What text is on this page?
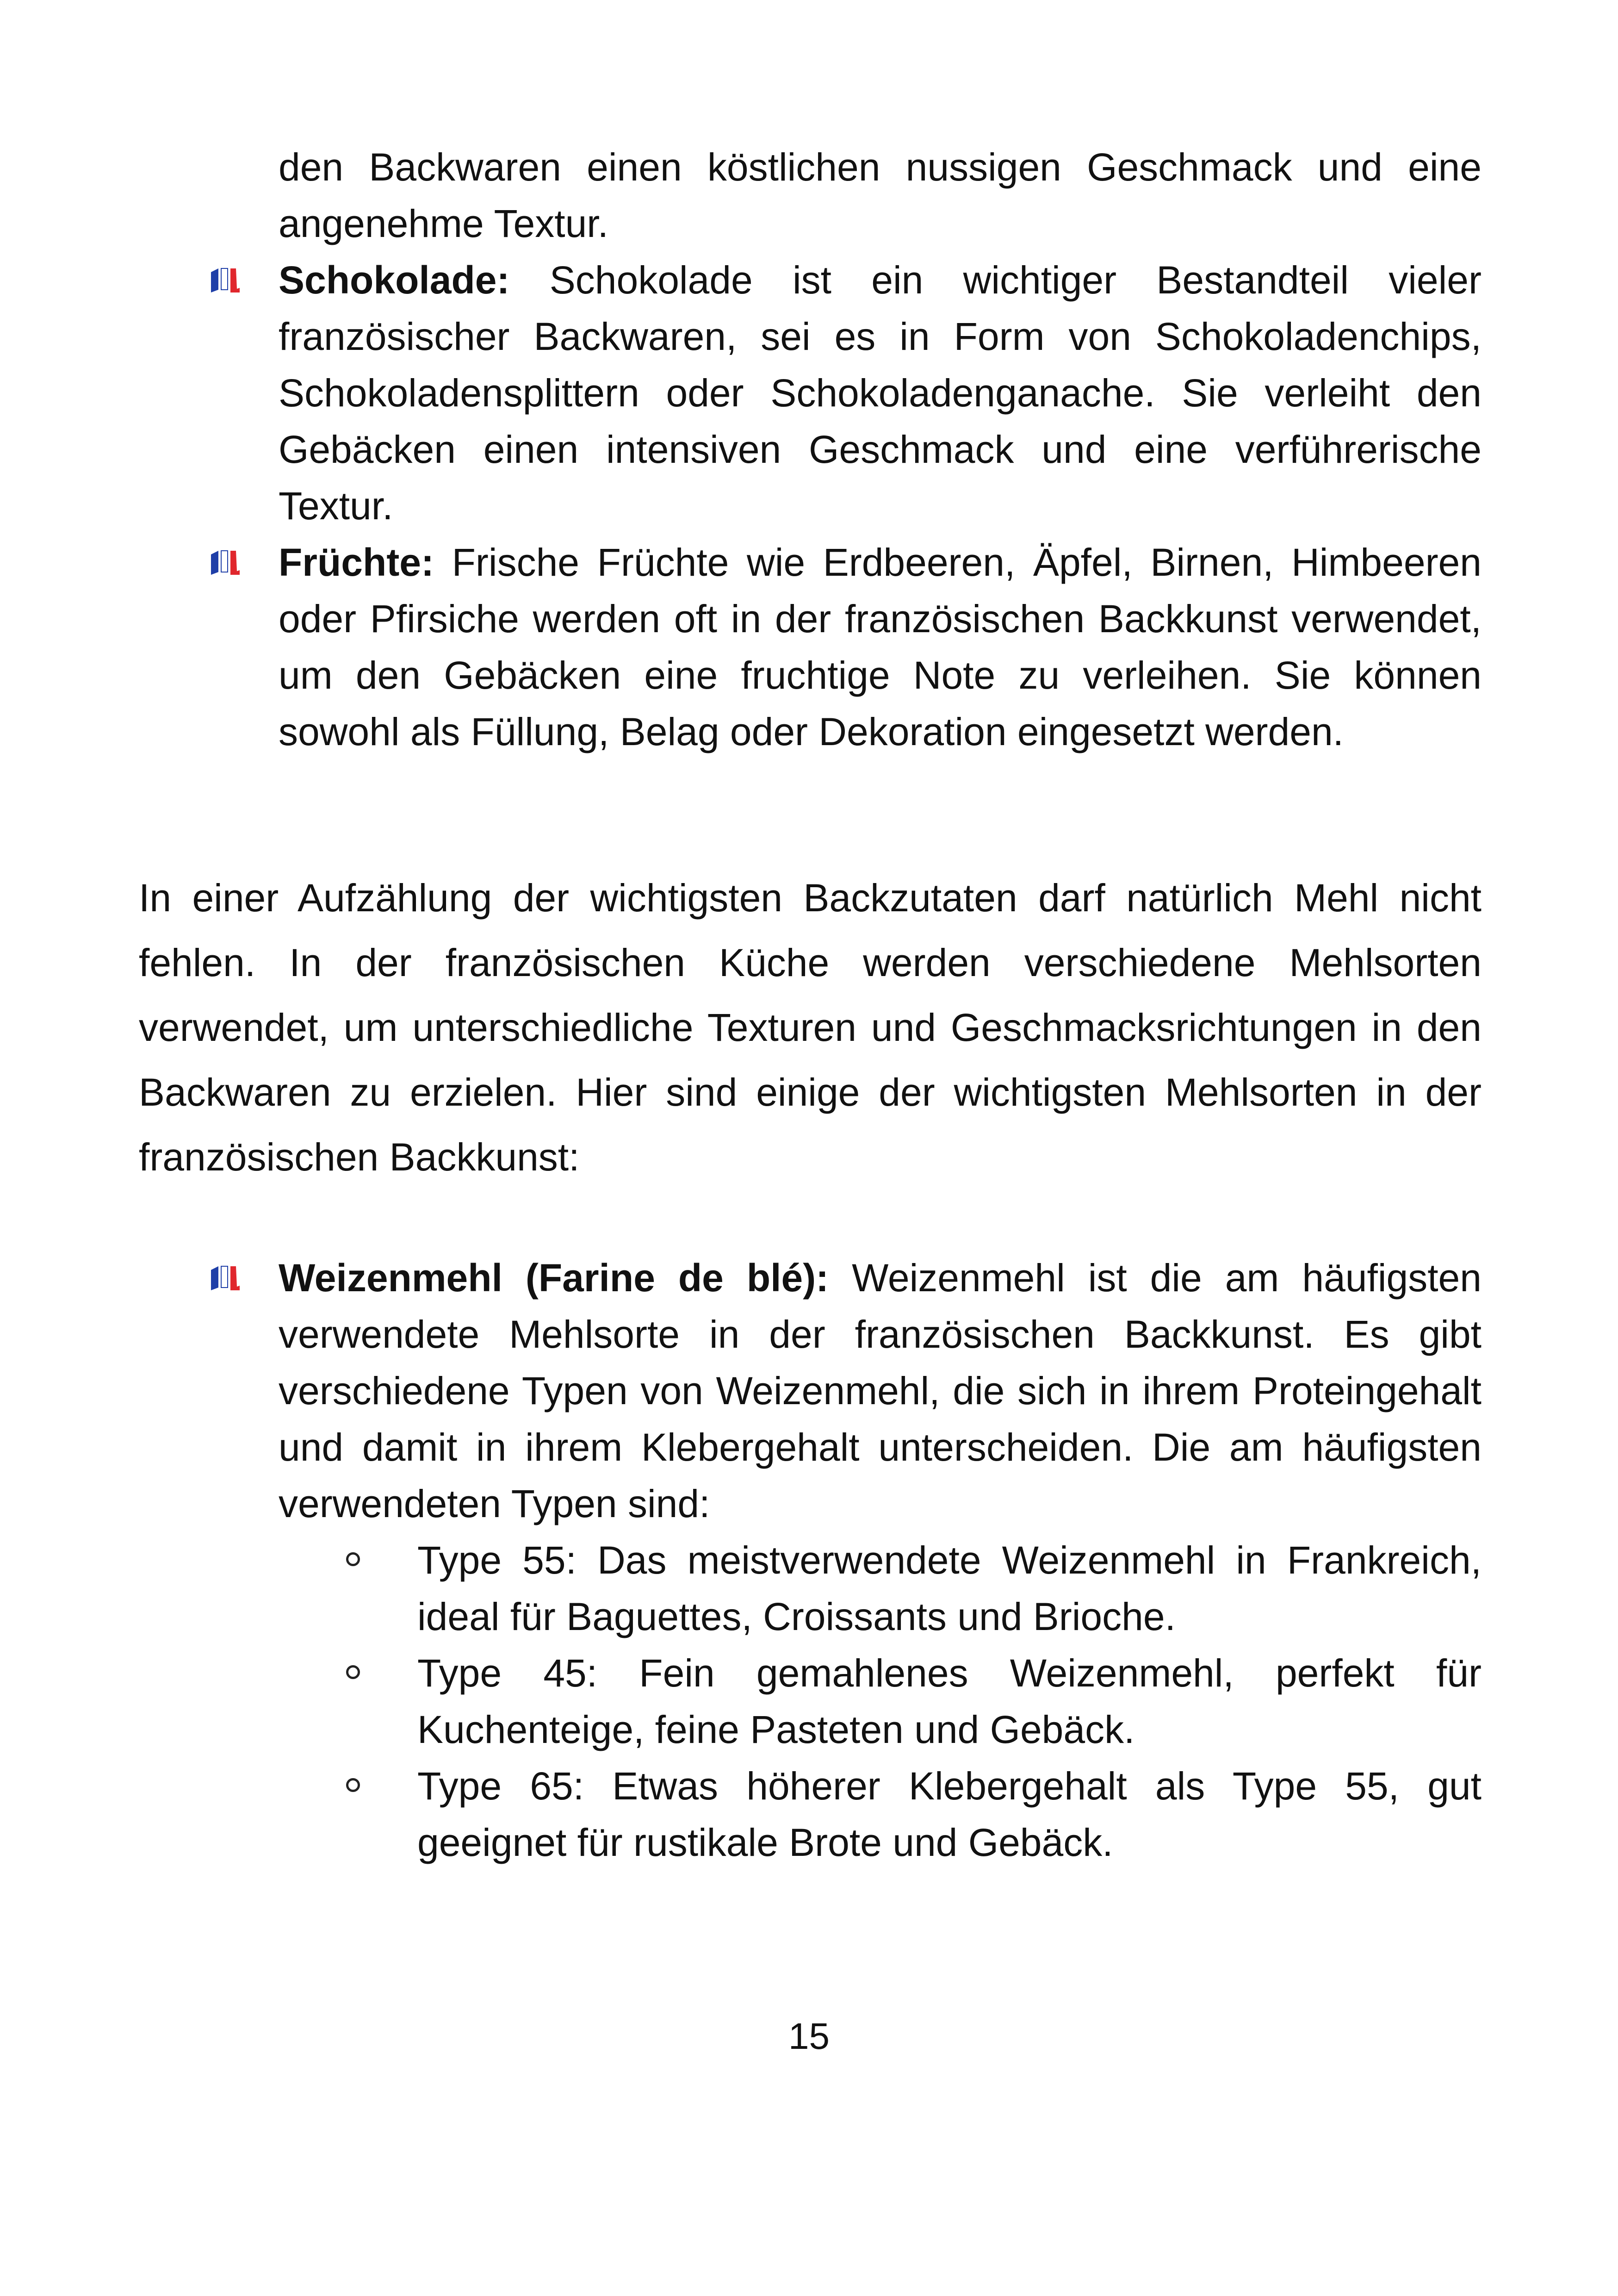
den Backwaren einen köstlichen nussigen Geschmack und eine angenehme Textur.

Schokolade: Schokolade ist ein wichtiger Bestandteil vieler französischer Backwaren, sei es in Form von Schokoladenchips, Schokoladensplittern oder Schokoladenganache. Sie verleiht den Gebäcken einen intensiven Geschmack und eine verführerische Textur.

Früchte: Frische Früchte wie Erdbeeren, Äpfel, Birnen, Himbeeren oder Pfirsiche werden oft in der französischen Backkunst verwendet, um den Gebäcken eine fruchtige Note zu verleihen. Sie können sowohl als Füllung, Belag oder Dekoration eingesetzt werden.

In einer Aufzählung der wichtigsten Backzutaten darf natürlich Mehl nicht fehlen. In der französischen Küche werden verschiedene Mehlsorten verwendet, um unterschiedliche Texturen und Geschmacksrichtungen in den Backwaren zu erzielen. Hier sind einige der wichtigsten Mehlsorten in der französischen Backkunst:

Weizenmehl (Farine de blé): Weizenmehl ist die am häufigsten verwendete Mehlsorte in der französischen Backkunst. Es gibt verschiedene Typen von Weizenmehl, die sich in ihrem Proteingehalt und damit in ihrem Klebergehalt unterscheiden. Die am häufigsten verwendeten Typen sind:

Type 55: Das meistverwendete Weizenmehl in Frankreich, ideal für Baguettes, Croissants und Brioche.

Type 45: Fein gemahlenes Weizenmehl, perfekt für Kuchenteige, feine Pasteten und Gebäck.

Type 65: Etwas höherer Klebergehalt als Type 55, gut geeignet für rustikale Brote und Gebäck.

15
